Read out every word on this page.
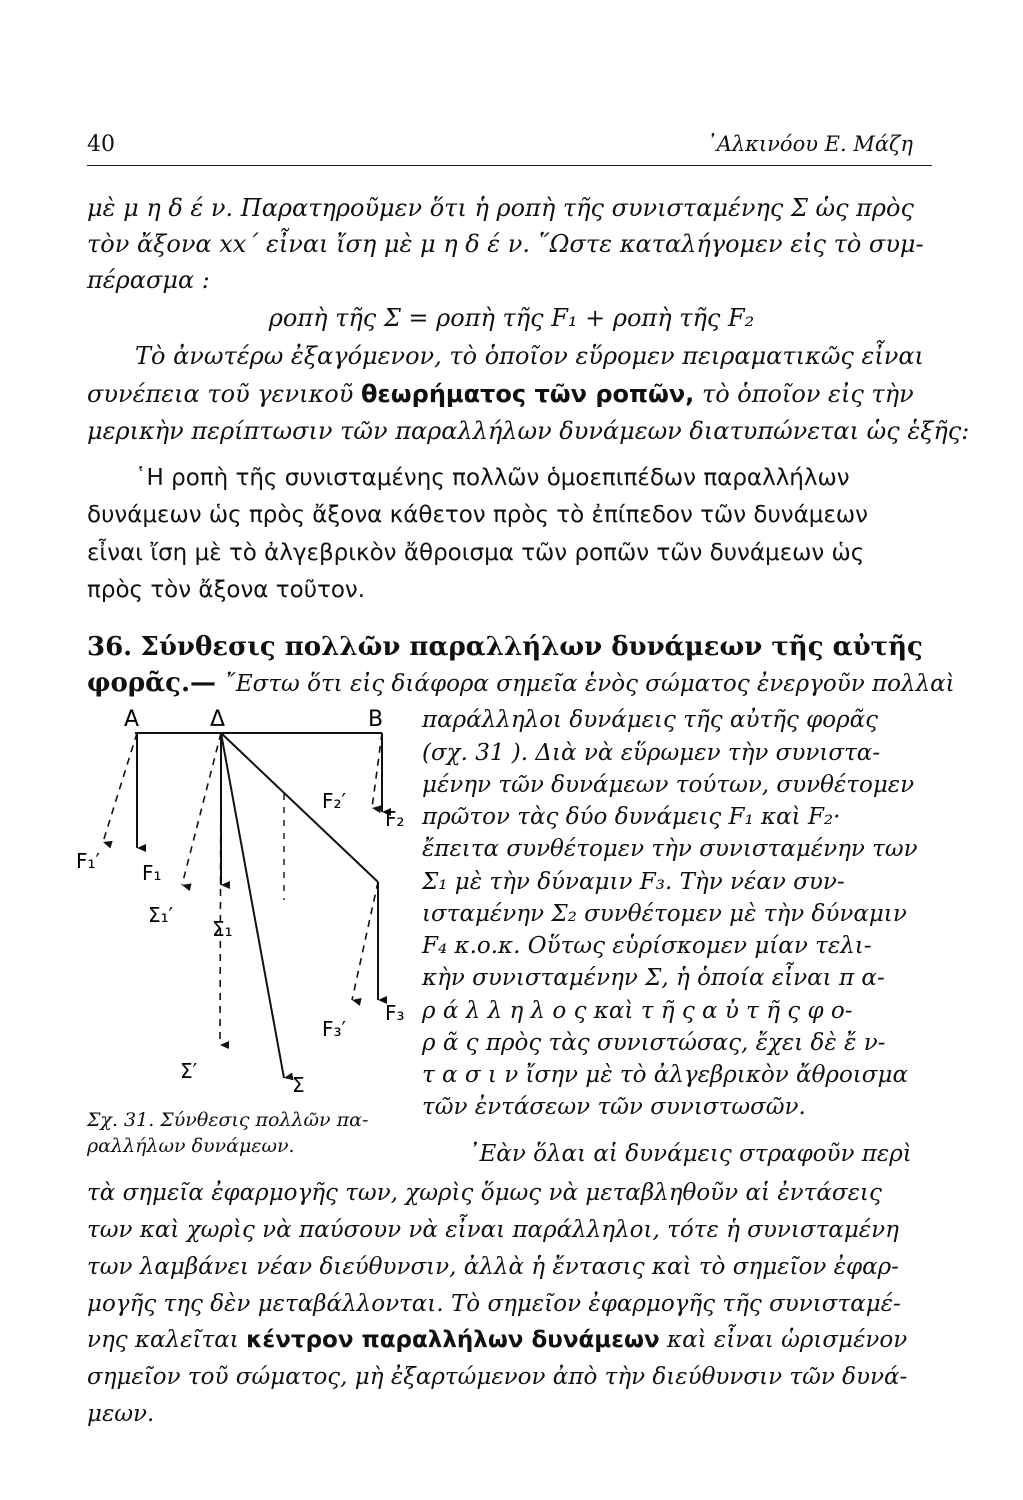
40	᾿Αλκινόου Ε. Μάζη
μὲ μ η δ έ ν. Παρατηροῦμεν ὅτι ἡ ροπὴ τῆς συνισταμένης Σ ὡς πρὸς
τὸν ἄξονα xx΄ εἶναι ἴση μὲ μ η δ έ ν. ῞Ωστε καταλήγομεν εἰς τὸ συμ-
πέρασμα :
ροπὴ τῆς Σ = ροπὴ τῆς F₁ + ροπὴ τῆς F₂
Τὸ ἀνωτέρω ἐξαγόμενον, τὸ ὁποῖον εὕρομεν πειραματικῶς εἶναι
συνέπεια τοῦ γενικοῦ θεωρήματος τῶν ροπῶν, τὸ ὁποῖον εἰς τὴν
μερικὴν περίπτωσιν τῶν παραλλήλων δυνάμεων διατυπώνεται ὡς ἑξῆς:
῾Η ροπὴ τῆς συνισταμένης πολλῶν ὁμοεπιπέδων παραλλήλων
δυνάμεων ὡς πρὸς ἄξονα κάθετον πρὸς τὸ ἐπίπεδον τῶν δυνάμεων
εἶναι ἴση μὲ τὸ ἀλγεβρικὸν ἄθροισμα τῶν ροπῶν τῶν δυνάμεων ὡς
πρὸς τὸν ἄξονα τοῦτον.
36. Σύνθεσις πολλῶν παραλλήλων δυνάμεων τῆς αὐτῆς
φορᾶς.— ῎Εστω ὅτι εἰς διάφορα σημεῖα ἑνὸς σώματος ἐνεργοῦν πολλαὶ
παράλληλοι δυνάμεις τῆς αὐτῆς φορᾶς
(σχ. 31 ). Διὰ νὰ εὕρωμεν τὴν συνιστα-
μένην τῶν δυνάμεων τούτων, συνθέτομεν
πρῶτον τὰς δύο δυνάμεις F₁ καὶ F₂·
ἔπειτα συνθέτομεν τὴν συνισταμένην των
Σ₁ μὲ τὴν δύναμιν F₃. Τὴν νέαν συν-
ισταμένην Σ₂ συνθέτομεν μὲ τὴν δύναμιν
F₄ κ.ο.κ. Οὕτως εὑρίσκομεν μίαν τελι-
κὴν συνισταμένην Σ, ἡ ὁποία εἶναι π α-
ρ ά λ λ η λ ο ς καὶ τ ῆ ς α ὐ τ ῆ ς φ ο-
ρ ᾶ ς πρὸς τὰς συνιστώσας, ἔχει δὲ ἔ ν-
τ α σ ι ν ἴσην μὲ τὸ ἀλγεβρικὸν ἄθροισμα
τῶν ἐντάσεων τῶν συνιστωσῶν.
A	Δ	B
F₁′ F₁
Σ₁′
Σ₁
F₂′
F₂
F₃′
F₃
Σ′
Σ
Σχ. 31. Σύνθεσις πολλῶν πα-
ραλλήλων δυνάμεων.	᾿Εὰν ὅλαι αἱ δυνάμεις στραφοῦν περὶ
τὰ σημεῖα ἐφαρμογῆς των, χωρὶς ὅμως νὰ μεταβληθοῦν αἱ ἐντάσεις
των καὶ χωρὶς νὰ παύσουν νὰ εἶναι παράλληλοι, τότε ἡ συνισταμένη
των λαμβάνει νέαν διεύθυνσιν, ἀλλὰ ἡ ἔντασις καὶ τὸ σημεῖον ἐφαρ-
μογῆς της δὲν μεταβάλλονται. Τὸ σημεῖον ἐφαρμογῆς τῆς συνισταμέ-
νης καλεῖται κέντρον παραλλήλων δυνάμεων καὶ εἶναι ὡρισμένον
σημεῖον τοῦ σώματος, μὴ ἐξαρτώμενον ἀπὸ τὴν διεύθυνσιν τῶν δυνά-
μεων.
